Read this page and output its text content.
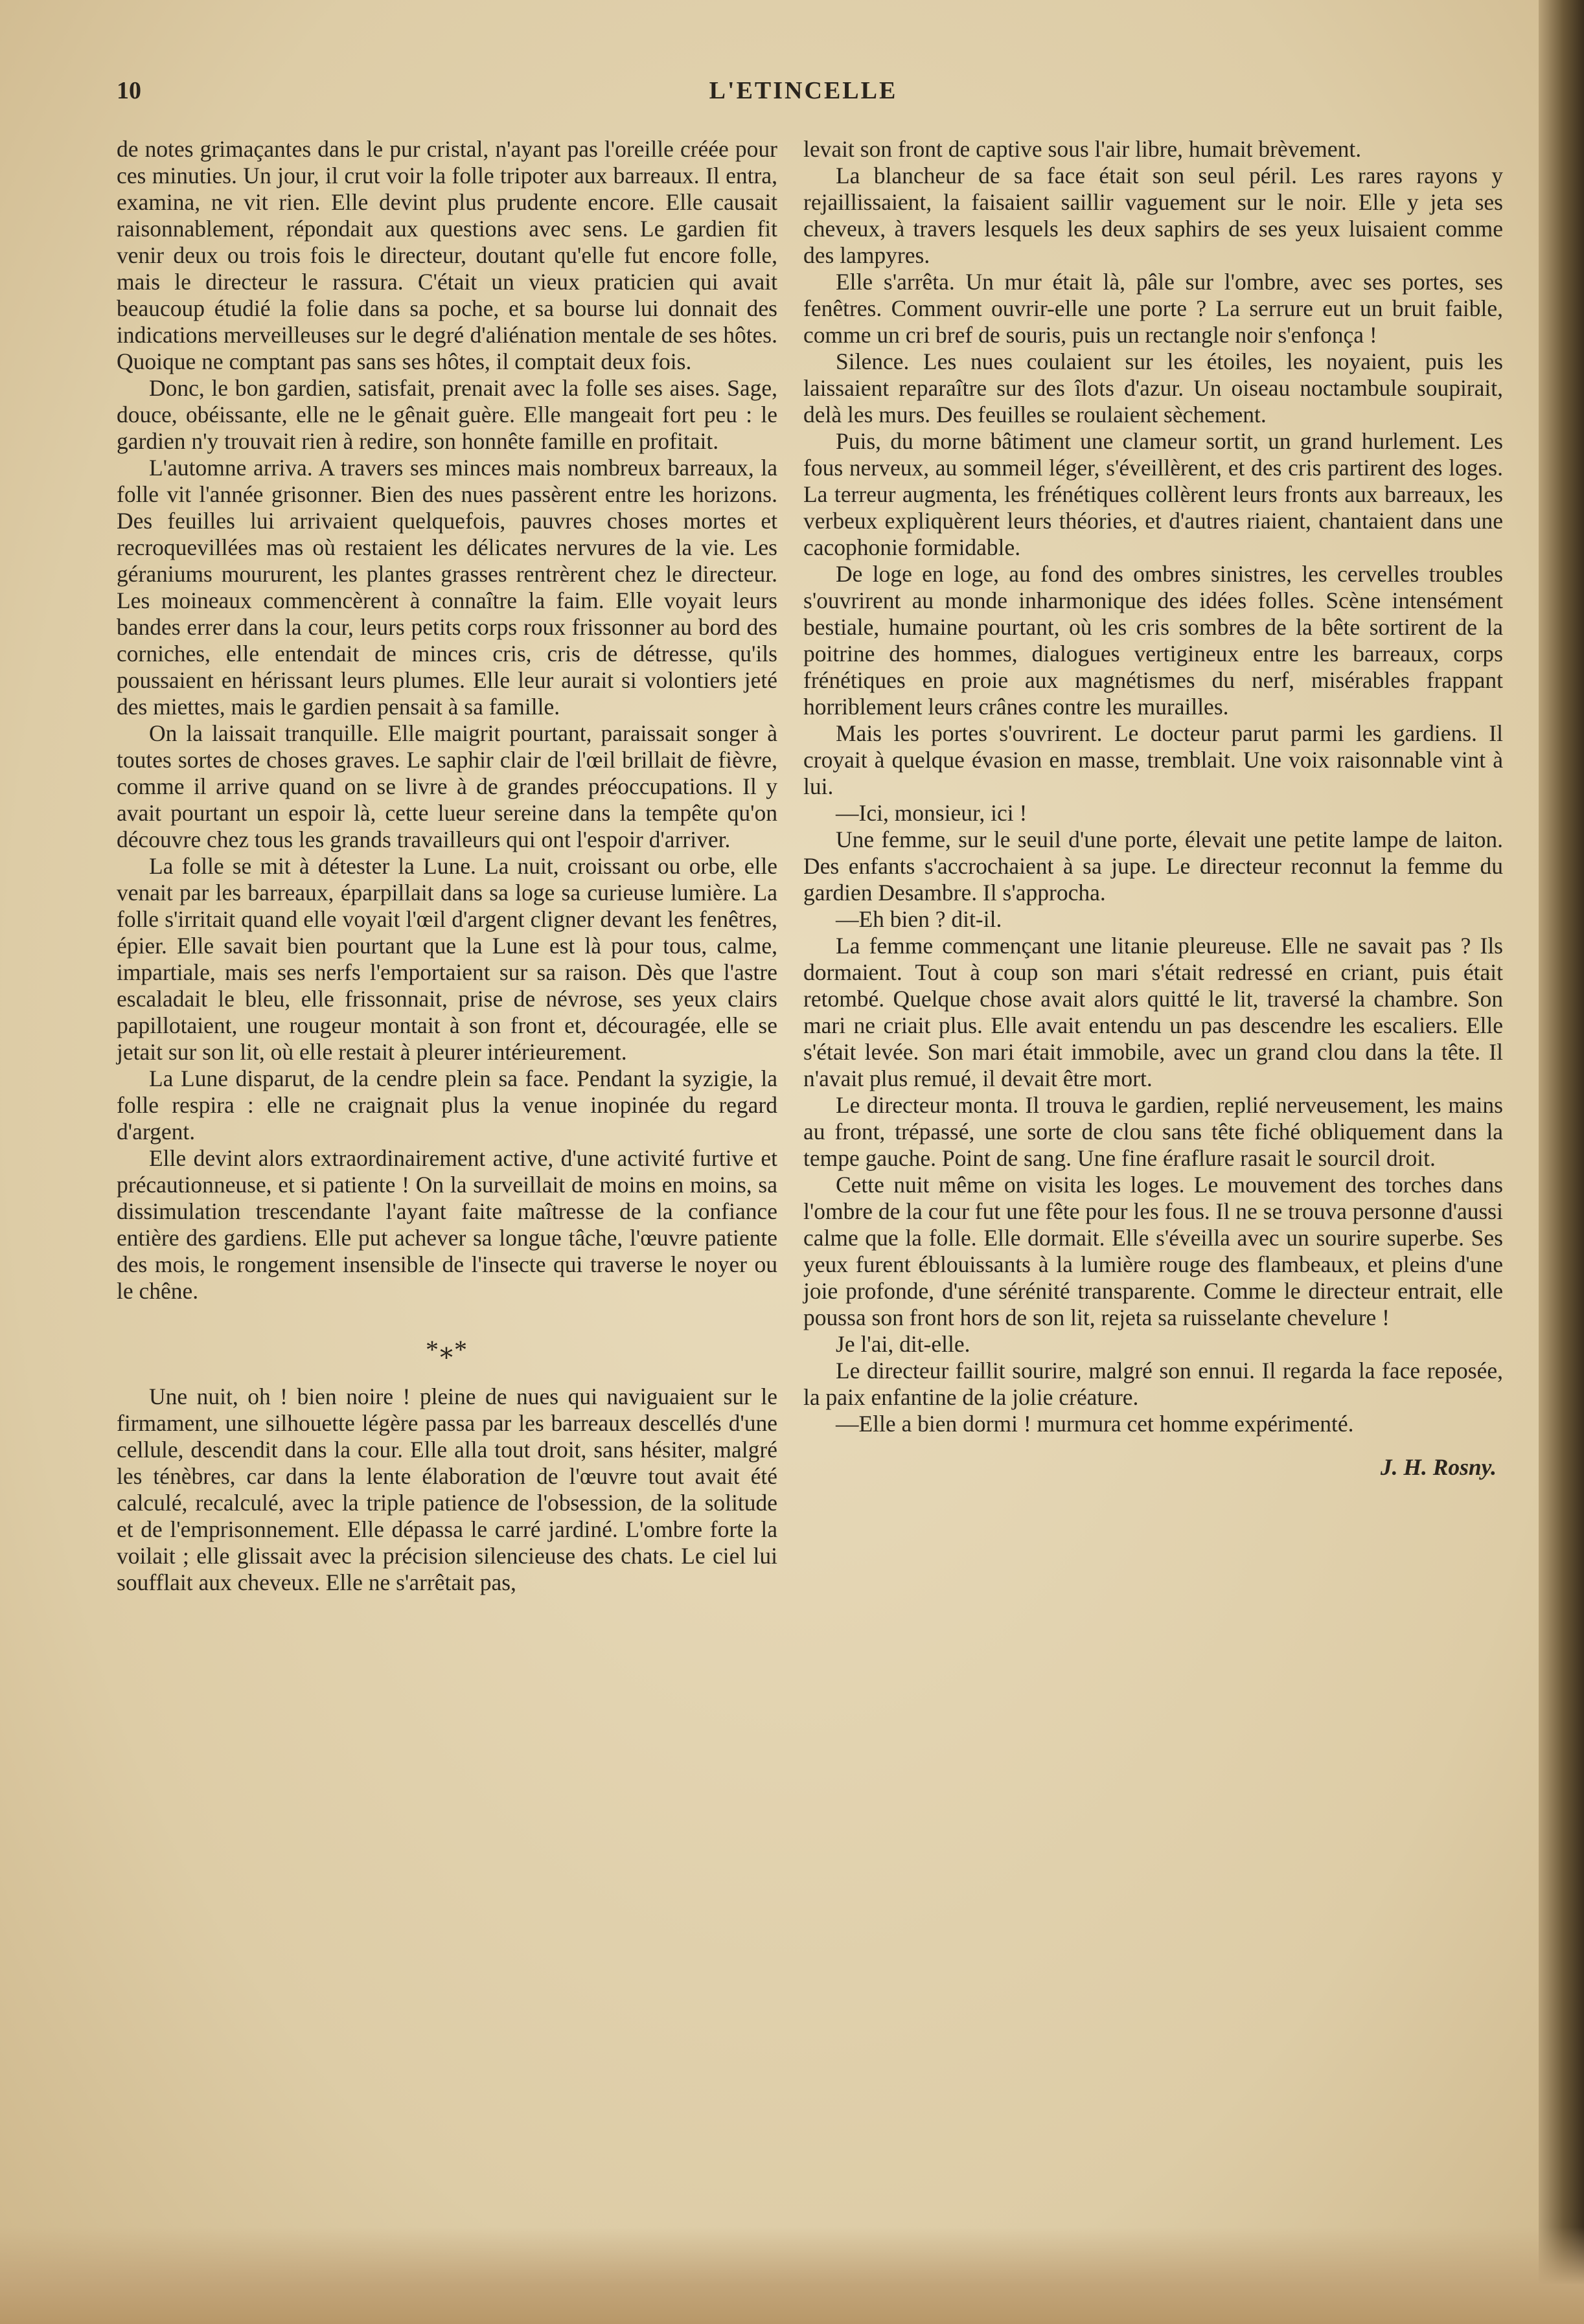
10	L'ETINCELLE

de notes grimaçantes dans le pur cristal, n'ayant pas l'oreille créée pour ces minuties. Un jour, il crut voir la folle tripoter aux barreaux. Il entra, examina, ne vit rien. Elle devint plus prudente encore. Elle causait raisonnablement, répondait aux questions avec sens. Le gardien fit venir deux ou trois fois le directeur, doutant qu'elle fut encore folle, mais le directeur le rassura. C'était un vieux praticien qui avait beaucoup étudié la folie dans sa poche, et sa bourse lui donnait des indications merveilleuses sur le degré d'aliénation mentale de ses hôtes. Quoique ne comptant pas sans ses hôtes, il comptait deux fois.

Donc, le bon gardien, satisfait, prenait avec la folle ses aises. Sage, douce, obéissante, elle ne le gênait guère. Elle mangeait fort peu : le gardien n'y trouvait rien à redire, son honnête famille en profitait.

L'automne arriva. A travers ses minces mais nombreux barreaux, la folle vit l'année grisonner. Bien des nues passèrent entre les horizons. Des feuilles lui arrivaient quelquefois, pauvres choses mortes et recroquevillées mas où restaient les délicates nervures de la vie. Les géraniums moururent, les plantes grasses rentrèrent chez le directeur. Les moineaux commencèrent à connaître la faim. Elle voyait leurs bandes errer dans la cour, leurs petits corps roux frissonner au bord des corniches, elle entendait de minces cris, cris de détresse, qu'ils poussaient en hérissant leurs plumes. Elle leur aurait si volontiers jeté des miettes, mais le gardien pensait à sa famille.

On la laissait tranquille. Elle maigrit pourtant, paraissait songer à toutes sortes de choses graves. Le saphir clair de l'œil brillait de fièvre, comme il arrive quand on se livre à de grandes préoccupations. Il y avait pourtant un espoir là, cette lueur sereine dans la tempête qu'on découvre chez tous les grands travailleurs qui ont l'espoir d'arriver.

La folle se mit à détester la Lune. La nuit, croissant ou orbe, elle venait par les barreaux, éparpillait dans sa loge sa curieuse lumière. La folle s'irritait quand elle voyait l'œil d'argent cligner devant les fenêtres, épier. Elle savait bien pourtant que la Lune est là pour tous, calme, impartiale, mais ses nerfs l'emportaient sur sa raison. Dès que l'astre escaladait le bleu, elle frissonnait, prise de névrose, ses yeux clairs papillotaient, une rougeur montait à son front et, découragée, elle se jetait sur son lit, où elle restait à pleurer intérieurement.

La Lune disparut, de la cendre plein sa face. Pendant la syzigie, la folle respira : elle ne craignait plus la venue inopinée du regard d'argent.

Elle devint alors extraordinairement active, d'une activité furtive et précautionneuse, et si patiente ! On la surveillait de moins en moins, sa dissimulation trescendante l'ayant faite maîtresse de la confiance entière des gardiens. Elle put achever sa longue tâche, l'œuvre patiente des mois, le rongement insensible de l'insecte qui traverse le noyer ou le chêne.

*⁎*

Une nuit, oh ! bien noire ! pleine de nues qui naviguaient sur le firmament, une silhouette légère passa par les barreaux descellés d'une cellule, descendit dans la cour. Elle alla tout droit, sans hésiter, malgré les ténèbres, car dans la lente élaboration de l'œuvre tout avait été calculé, recalculé, avec la triple patience de l'obsession, de la solitude et de l'emprisonnement. Elle dépassa le carré jardiné. L'ombre forte la voilait ; elle glissait avec la précision silencieuse des chats. Le ciel lui soufflait aux cheveux. Elle ne s'arrêtait pas,

levait son front de captive sous l'air libre, humait brèvement.

La blancheur de sa face était son seul péril. Les rares rayons y rejaillissaient, la faisaient saillir vaguement sur le noir. Elle y jeta ses cheveux, à travers lesquels les deux saphirs de ses yeux luisaient comme des lampyres.

Elle s'arrêta. Un mur était là, pâle sur l'ombre, avec ses portes, ses fenêtres. Comment ouvrir-elle une porte ? La serrure eut un bruit faible, comme un cri bref de souris, puis un rectangle noir s'enfonça !

Silence. Les nues coulaient sur les étoiles, les noyaient, puis les laissaient reparaître sur des îlots d'azur. Un oiseau noctambule soupirait, delà les murs. Des feuilles se roulaient sèchement.

Puis, du morne bâtiment une clameur sortit, un grand hurlement. Les fous nerveux, au sommeil léger, s'éveillèrent, et des cris partirent des loges. La terreur augmenta, les frénétiques collèrent leurs fronts aux barreaux, les verbeux expliquèrent leurs théories, et d'autres riaient, chantaient dans une cacophonie formidable.

De loge en loge, au fond des ombres sinistres, les cervelles troubles s'ouvrirent au monde inharmonique des idées folles. Scène intensément bestiale, humaine pourtant, où les cris sombres de la bête sortirent de la poitrine des hommes, dialogues vertigineux entre les barreaux, corps frénétiques en proie aux magnétismes du nerf, misérables frappant horriblement leurs crânes contre les murailles.

Mais les portes s'ouvrirent. Le docteur parut parmi les gardiens. Il croyait à quelque évasion en masse, tremblait. Une voix raisonnable vint à lui.

—Ici, monsieur, ici !

Une femme, sur le seuil d'une porte, élevait une petite lampe de laiton. Des enfants s'accrochaient à sa jupe. Le directeur reconnut la femme du gardien Desambre. Il s'approcha.

—Eh bien ? dit-il.

La femme commençant une litanie pleureuse. Elle ne savait pas ? Ils dormaient. Tout à coup son mari s'était redressé en criant, puis était retombé. Quelque chose avait alors quitté le lit, traversé la chambre. Son mari ne criait plus. Elle avait entendu un pas descendre les escaliers. Elle s'était levée. Son mari était immobile, avec un grand clou dans la tête. Il n'avait plus remué, il devait être mort.

Le directeur monta. Il trouva le gardien, replié nerveusement, les mains au front, trépassé, une sorte de clou sans tête fiché obliquement dans la tempe gauche. Point de sang. Une fine éraflure rasait le sourcil droit.

Cette nuit même on visita les loges. Le mouvement des torches dans l'ombre de la cour fut une fête pour les fous. Il ne se trouva personne d'aussi calme que la folle. Elle dormait. Elle s'éveilla avec un sourire superbe. Ses yeux furent éblouissants à la lumière rouge des flambeaux, et pleins d'une joie profonde, d'une sérénité transparente. Comme le directeur entrait, elle poussa son front hors de son lit, rejeta sa ruisselante chevelure !

Je l'ai, dit-elle.

Le directeur faillit sourire, malgré son ennui. Il regarda la face reposée, la paix enfantine de la jolie créature.

—Elle a bien dormi ! murmura cet homme expérimenté.

J. H. Rosny.
